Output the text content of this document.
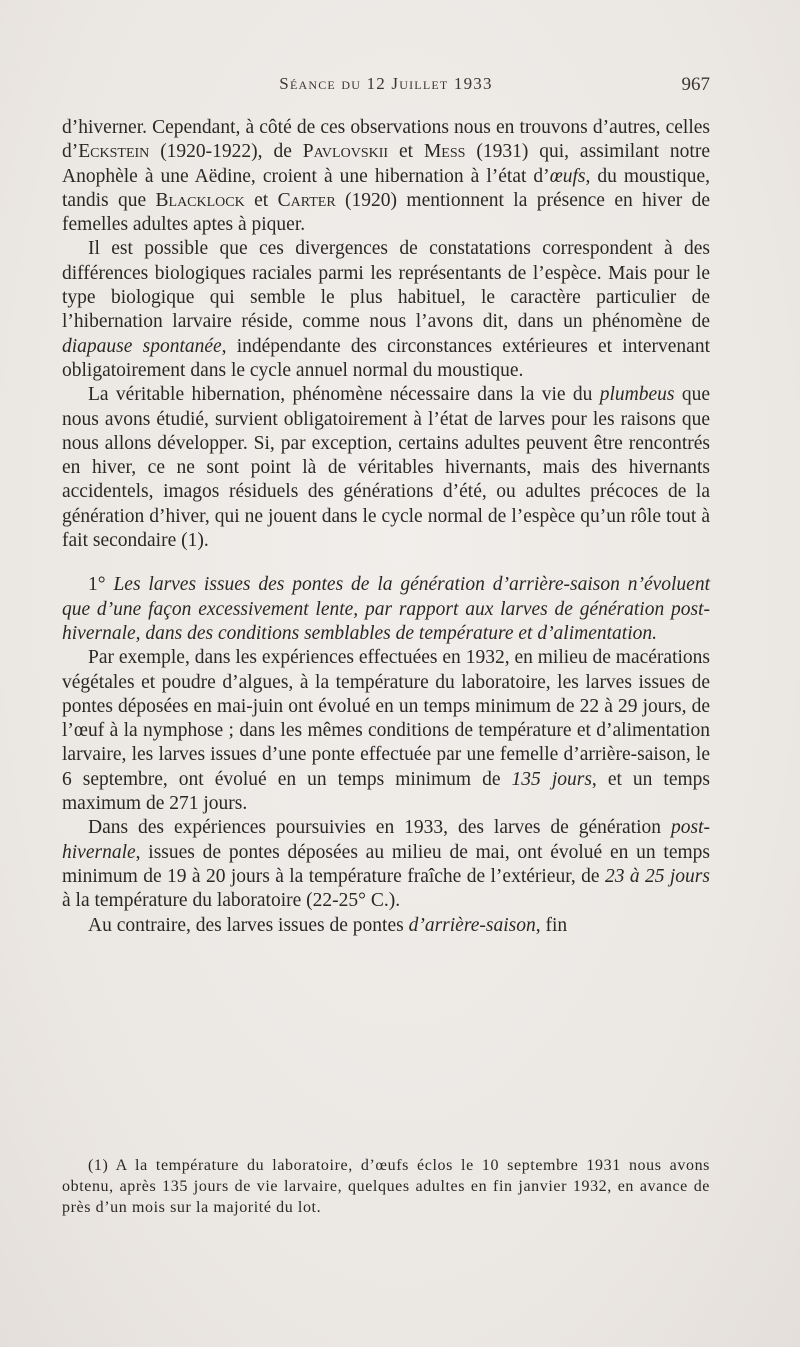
Séance du 12 Juillet 1933	967

d’hiverner. Cependant, à côté de ces observations nous en trouvons d’autres, celles d’Eckstein (1920-1922), de Pavlovskii et Mess (1931) qui, assimilant notre Anophèle à une Aëdine, croient à une hibernation à l’état d’œufs, du moustique, tandis que Blacklock et Carter (1920) mentionnent la présence en hiver de femelles adultes aptes à piquer.

Il est possible que ces divergences de constatations correspondent à des différences biologiques raciales parmi les représentants de l’espèce. Mais pour le type biologique qui semble le plus habituel, le caractère particulier de l’hibernation larvaire réside, comme nous l’avons dit, dans un phénomène de diapause spontanée, indépendante des circonstances extérieures et intervenant obligatoirement dans le cycle annuel normal du moustique.

La véritable hibernation, phénomène nécessaire dans la vie du plumbeus que nous avons étudié, survient obligatoirement à l’état de larves pour les raisons que nous allons développer. Si, par exception, certains adultes peuvent être rencontrés en hiver, ce ne sont point là de véritables hivernants, mais des hivernants accidentels, imagos résiduels des générations d’été, ou adultes précoces de la génération d’hiver, qui ne jouent dans le cycle normal de l’espèce qu’un rôle tout à fait secondaire (1).

1° Les larves issues des pontes de la génération d’arrière-saison n’évoluent que d’une façon excessivement lente, par rapport aux larves de génération post-hivernale, dans des conditions semblables de température et d’alimentation.

Par exemple, dans les expériences effectuées en 1932, en milieu de macérations végétales et poudre d’algues, à la température du laboratoire, les larves issues de pontes déposées en mai-juin ont évolué en un temps minimum de 22 à 29 jours, de l’œuf à la nymphose ; dans les mêmes conditions de température et d’alimentation larvaire, les larves issues d’une ponte effectuée par une femelle d’arrière-saison, le 6 septembre, ont évolué en un temps minimum de 135 jours, et un temps maximum de 271 jours.

Dans des expériences poursuivies en 1933, des larves de génération post-hivernale, issues de pontes déposées au milieu de mai, ont évolué en un temps minimum de 19 à 20 jours à la température fraîche de l’extérieur, de 23 à 25 jours à la température du laboratoire (22-25° C.).

Au contraire, des larves issues de pontes d’arrière-saison, fin

(1) A la température du laboratoire, d’œufs éclos le 10 septembre 1931 nous avons obtenu, après 135 jours de vie larvaire, quelques adultes en fin janvier 1932, en avance de près d’un mois sur la majorité du lot.
